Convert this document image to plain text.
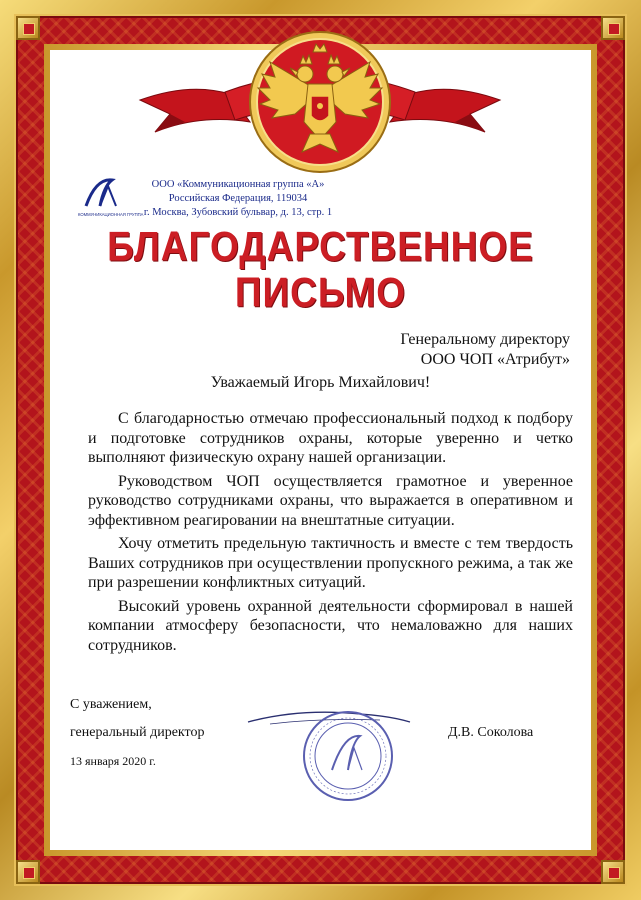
КОММУНИКАЦИОННАЯ ГРУППА
ООО «Коммуникационная группа «А»
Российская Федерация, 119034
г. Москва, Зубовский бульвар, д. 13, стр. 1
БЛАГОДАРСТВЕННОЕ
ПИСЬМО
Генеральному директору
ООО ЧОП «Атрибут»
Уважаемый Игорь Михайлович!

С благодарностью отмечаю профессиональный подход к подбору и подготовке сотрудников охраны, которые уверенно и четко выполняют физическую охрану нашей организации.

Руководством ЧОП осуществляется грамотное и уверенное руководство сотрудниками охраны, что выражается в оперативном и эффективном реагировании на внештатные ситуации.

Хочу отметить предельную тактичность и вместе с тем твердость Ваших сотрудников при осуществлении пропускного режима, а так же при разрешении конфликтных ситуаций.

Высокий уровень охранной деятельности сформировал в нашей компании атмосферу безопасности, что немаловажно для наших сотрудников.

С уважением,
генеральный директор	Д.В. Соколова
13 января 2020 г.
